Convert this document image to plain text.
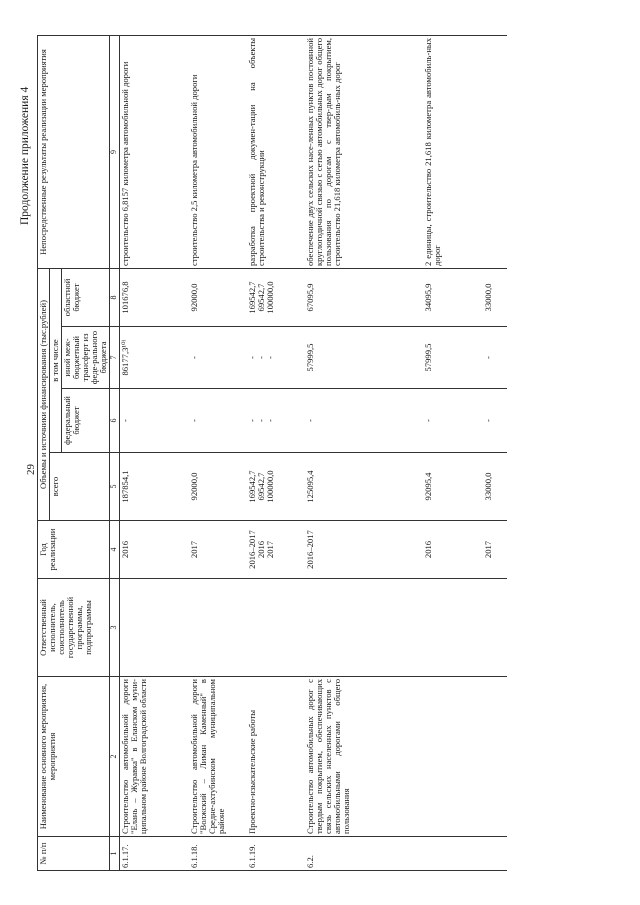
29
Продолжение приложения 4
№ п/п	Наименование основного мероприятия, мероприятия	Ответственный исполнитель, соисполнитель государственной программы, подпрограммы	Год реализации	Объемы и источники финансирования (тыс.рублей)				Непосредственные результаты реализации мероприятия
				всего	в том числе			
					федеральный бюджет	иной меж-бюджетный трансферт из феде-рального бюджета	областной бюджет	
1	2	3	4	5	6	7	8	9
6.1.17.	Строительство автомобильной дороги "Елань – Журавка" в Еланском муни-ципальном районе Волгоградской области		2016	187854,1	-	86177,3¹⁰⁾	101676,8	строительство 6,8157 километра автомобильной дороги
6.1.18.	Строительство автомобильной дороги "Волжский – Лиман Каменный" в Средне-ахтубинском муниципальном районе		2017	92000,0	-	-	92000,0	строительство 2,5 километра автомобильной дороги
6.1.19.	Проектно-изыскательские работы		2016–2017 2016 2017	169542,7 69542,7 100000,0	- - -	- - -	169542,7 69542,7 100000,0	разработка проектной докумен-тации на объекты строительства и реконструкции
6.2.	Строительство автомобильных дорог с твердым покрытием, обеспечивающих связь сельских населенных пунктов с автомобильными дорогами общего пользования		2016–2017	125095,4	-	57999,5	67095,9	обеспечение двух сельских насе-ленных пунктов постоянной круглогодичной связью с сетью автомобильных дорог общего пользования по дорогам с твер-дым покрытием, строительство 21,618 километра автомобиль-ных дорог
			2016	92095,4	-	57999,5	34095,9	2 единицы, строительство 21,618 километра автомобиль-ных дорог
			2017	33000,0	-	-	33000,0	
